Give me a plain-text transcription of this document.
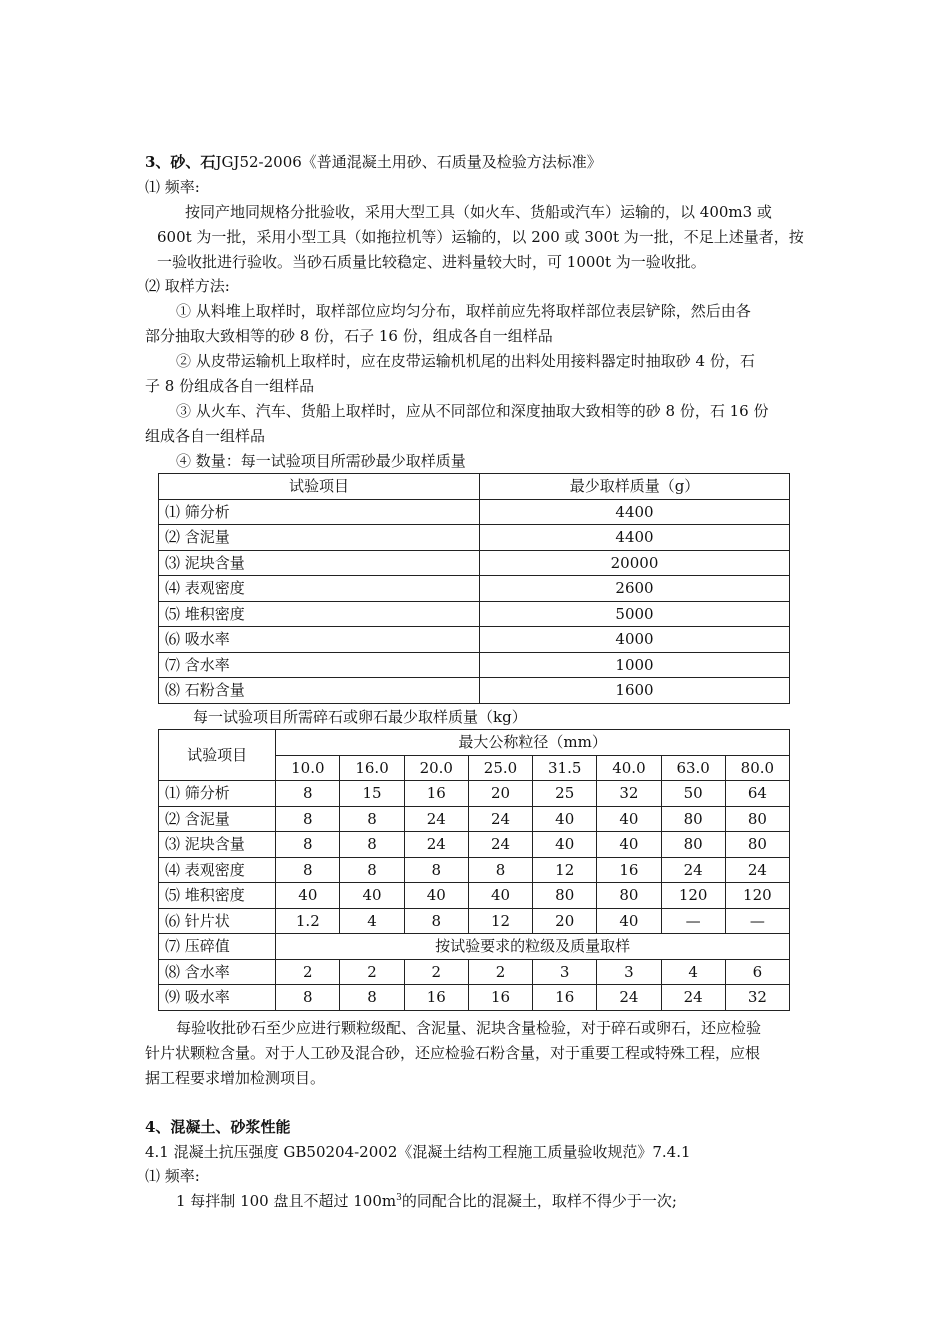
3、砂、石JGJ52-2006《普通混凝土用砂、石质量及检验方法标准》
⑴ 频率:
按同产地同规格分批验收，采用大型工具（如火车、货船或汽车）运输的，以 400m3 或
600t 为一批，采用小型工具（如拖拉机等）运输的，以 200 或 300t 为一批，不足上述量者，按
一验收批进行验收。当砂石质量比较稳定、进料量较大时，可 1000t 为一验收批。
⑵ 取样方法:
① 从料堆上取样时，取样部位应均匀分布，取样前应先将取样部位表层铲除，然后由各
部分抽取大致相等的砂 8 份，石子 16 份，组成各自一组样品
② 从皮带运输机上取样时，应在皮带运输机机尾的出料处用接料器定时抽取砂 4 份，石
子 8 份组成各自一组样品
③ 从火车、汽车、货船上取样时，应从不同部位和深度抽取大致相等的砂 8 份，石 16 份
组成各自一组样品
④ 数量：每一试验项目所需砂最少取样质量
试验项目	最少取样质量（g）
⑴ 筛分析	4400
⑵ 含泥量	4400
⑶ 泥块含量	20000
⑷ 表观密度	2600
⑸ 堆积密度	5000
⑹ 吸水率	4000
⑺ 含水率	1000
⑻ 石粉含量	1600
每一试验项目所需碎石或卵石最少取样质量（kg）
试验项目	最大公称粒径（mm）							
	10.0	16.0	20.0	25.0	31.5	40.0	63.0	80.0
⑴ 筛分析	8	15	16	20	25	32	50	64
⑵ 含泥量	8	8	24	24	40	40	80	80
⑶ 泥块含量	8	8	24	24	40	40	80	80
⑷ 表观密度	8	8	8	8	12	16	24	24
⑸ 堆积密度	40	40	40	40	80	80	120	120
⑹ 针片状	1.2	4	8	12	20	40	—	—
⑺ 压碎值	按试验要求的粒级及质量取样							
⑻ 含水率	2	2	2	2	3	3	4	6
⑼ 吸水率	8	8	16	16	16	24	24	32
每验收批砂石至少应进行颗粒级配、含泥量、泥块含量检验，对于碎石或卵石，还应检验
针片状颗粒含量。对于人工砂及混合砂，还应检验石粉含量，对于重要工程或特殊工程，应根
据工程要求增加检测项目。
4、混凝土、砂浆性能
4.1 混凝土抗压强度 GB50204-2002《混凝土结构工程施工质量验收规范》7.4.1
⑴ 频率:
1 每拌制 100 盘且不超过 $100m^3$的同配合比的混凝土，取样不得少于一次;
